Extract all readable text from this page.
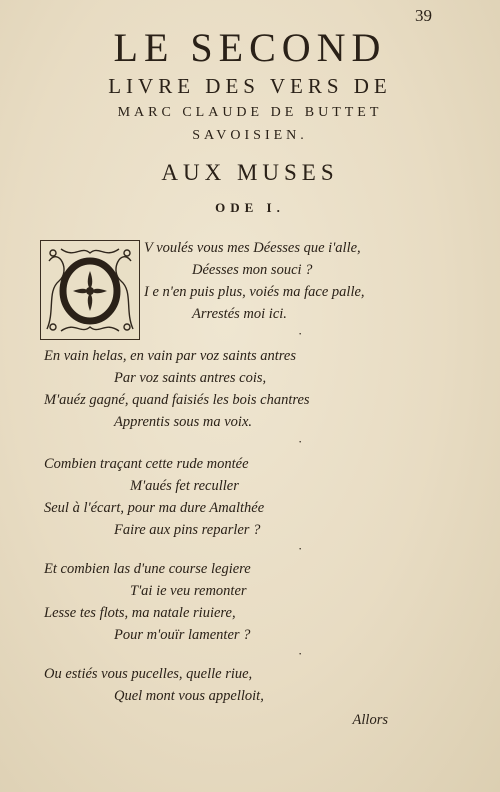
39
LE SECOND
LIVRE DES VERS DE
MARC CLAUDE DE BUTTET
SAVOISIEN.
AUX MUSES
ODE I.
V voulés vous mes Déesses que i'alle,
Déesses mon souci ?
I e n'en puis plus, voiés ma face palle,
Arrestés moi ici.
En vain helas, en vain par voz saints antres
Par voz saints antres cois,
M'auéz gagné, quand faisiés les bois chantres
Apprentis sous ma voix.
Combien traçant cette rude montée
M'aués fet reculler
Seul à l'écart, pour ma dure Amalthée
Faire aux pins reparler ?
Et combien las d'une course legiere
T'ai ie veu remonter
Lesse tes flots, ma natale riuiere,
Pour m'ouïr lamenter ?
Ou estiés vous pucelles, quelle riue,
Quel mont vous appelloit,
·
·
·
·
Allors
